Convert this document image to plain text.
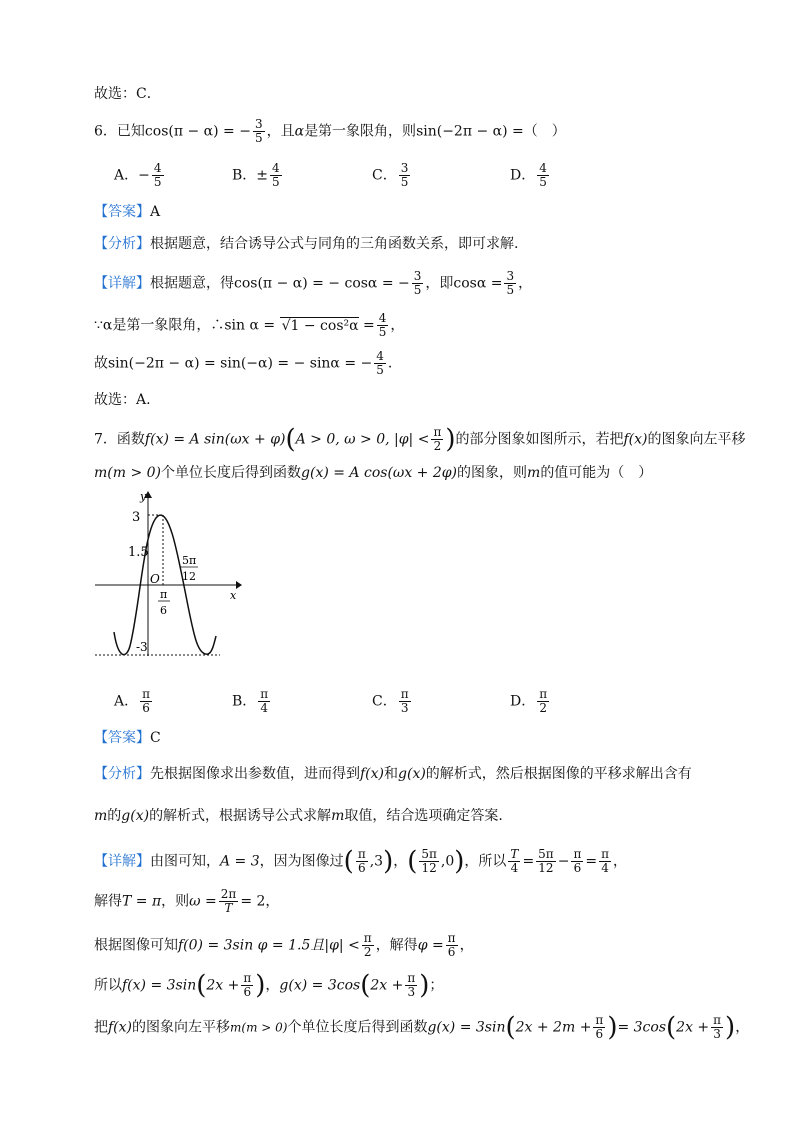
故选：C．
6．已知cos(π − α) = − $\frac{3}{5}$ ，且α是第一象限角，则sin(−2π − α) =（　）
A．− $\frac{4}{5}$	B．± $\frac{4}{5}$	C． $\frac{3}{5}$	D． $\frac{4}{5}$
【答案】A
【分析】根据题意，结合诱导公式与同角的三角函数关系，即可求解.
【详解】根据题意，得cos(π − α) = − cosα = − $\frac{3}{5}$ ，即$\cos\alpha = \frac{3}{5}$ ，
∵α是第一象限角，∴sin $\alpha = √1 - \cos^2\alpha = \frac{4}{5}$ ，
故sin(−2π − α) = sin(−α) = − sinα = − $\frac{4}{5}$ .
故选：A.
7．函数f(x) = A sin(ωx + φ)(A > 0, ω > 0, $|\varphi| < \frac{\pi}{2}$ )的部分图象如图所示，若把f(x)的图象向左平移
m(m > 0)个单位长度后得到函数g(x) = A cos(ωx + 2φ)的图象，则m的值可能为（　）
x
y
O
3
1.5
-3
5π
12
π
6
A． $\frac{\pi}{6}$	B． $\frac{\pi}{4}$	C． $\frac{\pi}{3}$	D． $\frac{\pi}{2}$
【答案】C
【分析】先根据图像求出参数值，进而得到f(x)和g(x)的解析式，然后根据图像的平移求解出含有
m的g(x)的解析式，根据诱导公式求解m取值，结合选项确定答案.
【详解】由图可知，A = 3，因为图像过( $\frac{\pi}{6} ,3$)，( $\frac{5\pi}{12} ,0$)，所以 $\frac{T}{4} = \frac{5\pi}{12} - \frac{\pi}{6} = \frac{\pi}{4}$ ，
解得T = π，则$\omega = \frac{2\pi}{T} = 2$，
根据图像可知f(0) = 3sin φ = 1.5且$|\varphi| < \frac{\pi}{2}$ ，解得$\varphi = \frac{\pi}{6}$ ，
所以$f(x) = 3\sin(2x + \frac{\pi}{6}$ )，$g(x) = 3\cos(2x + \frac{\pi}{3}$ )；
把f(x)的图象向左平移m(m > 0)个单位长度后得到函数$g(x) = 3\sin(2x + 2m + \frac{\pi}{6}$ )= $3\cos(2x + \frac{\pi}{3}$ )，
